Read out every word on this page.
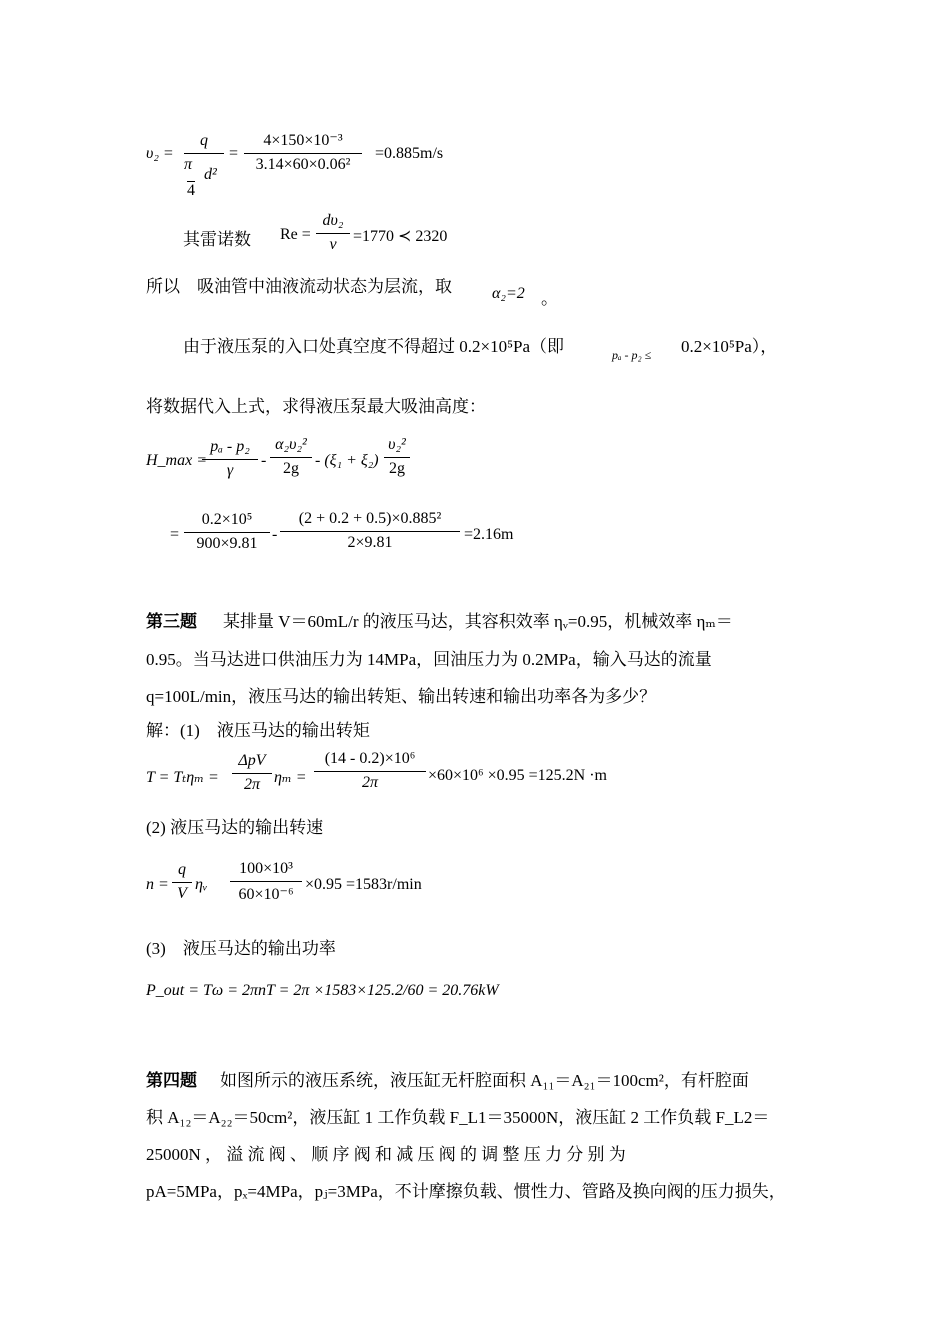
υ₂ =
q
π
4
d²
=
4×150×10⁻³
3.14×60×0.06²
=0.885m/s
其雷诺数 Re =
dυ₂
ν	=1770 ≺ 2320
所以　吸油管中油液流动状态为层流，取	α₂=2 。
由于液压泵的入口处真空度不得超过 0.2×10⁵Pa（即	pₐ - p₂ ≤ 0.2×10⁵Pa），
将数据代入上式，求得液压泵最大吸油高度：
H_max =
pₐ - p₂
γ
-
α₂υ₂²
2g	- (ξ₁ + ξ₂)
υ₂²
2g
=
0.2×10⁵
900×9.81
-
(2 + 0.2 + 0.5)×0.885²
2×9.81	=2.16m
第三题 某排量 V＝60mL/r 的液压马达，其容积效率 ηᵥ=0.95，机械效率 ηₘ＝
0.95。当马达进口供油压力为 14MPa，回油压力为 0.2MPa，输入马达的流量
q=100L/min，液压马达的输出转矩、输出转速和输出功率各为多少？
解：(1)　液压马达的输出转矩
T = Tₜηₘ =
ΔpV
2π ηₘ =
(14 - 0.2)×10⁶
2π	×60×10⁶ ×0.95 =125.2N ·m
(2) 液压马达的输出转速
n =
q
V
ηᵥ
100×10³
60×10⁻⁶
×0.95 =1583r/min
(3)　液压马达的输出功率
P_out = Tω = 2πnT = 2π ×1583×125.2/60 = 20.76kW
第四题 如图所示的液压系统，液压缸无杆腔面积 A₁₁＝A₂₁＝100cm²，有杆腔面
积 A₁₂＝A₂₂＝50cm²，液压缸 1 工作负载 F_L1＝35000N，液压缸 2 工作负载 F_L2＝
25000N ， 溢 流 阀 、 顺 序 阀 和 减 压 阀 的 调 整 压 力 分 别 为
pA=5MPa，pₓ=4MPa，pⱼ=3MPa，不计摩擦负载、惯性力、管路及换向阀的压力损失，
